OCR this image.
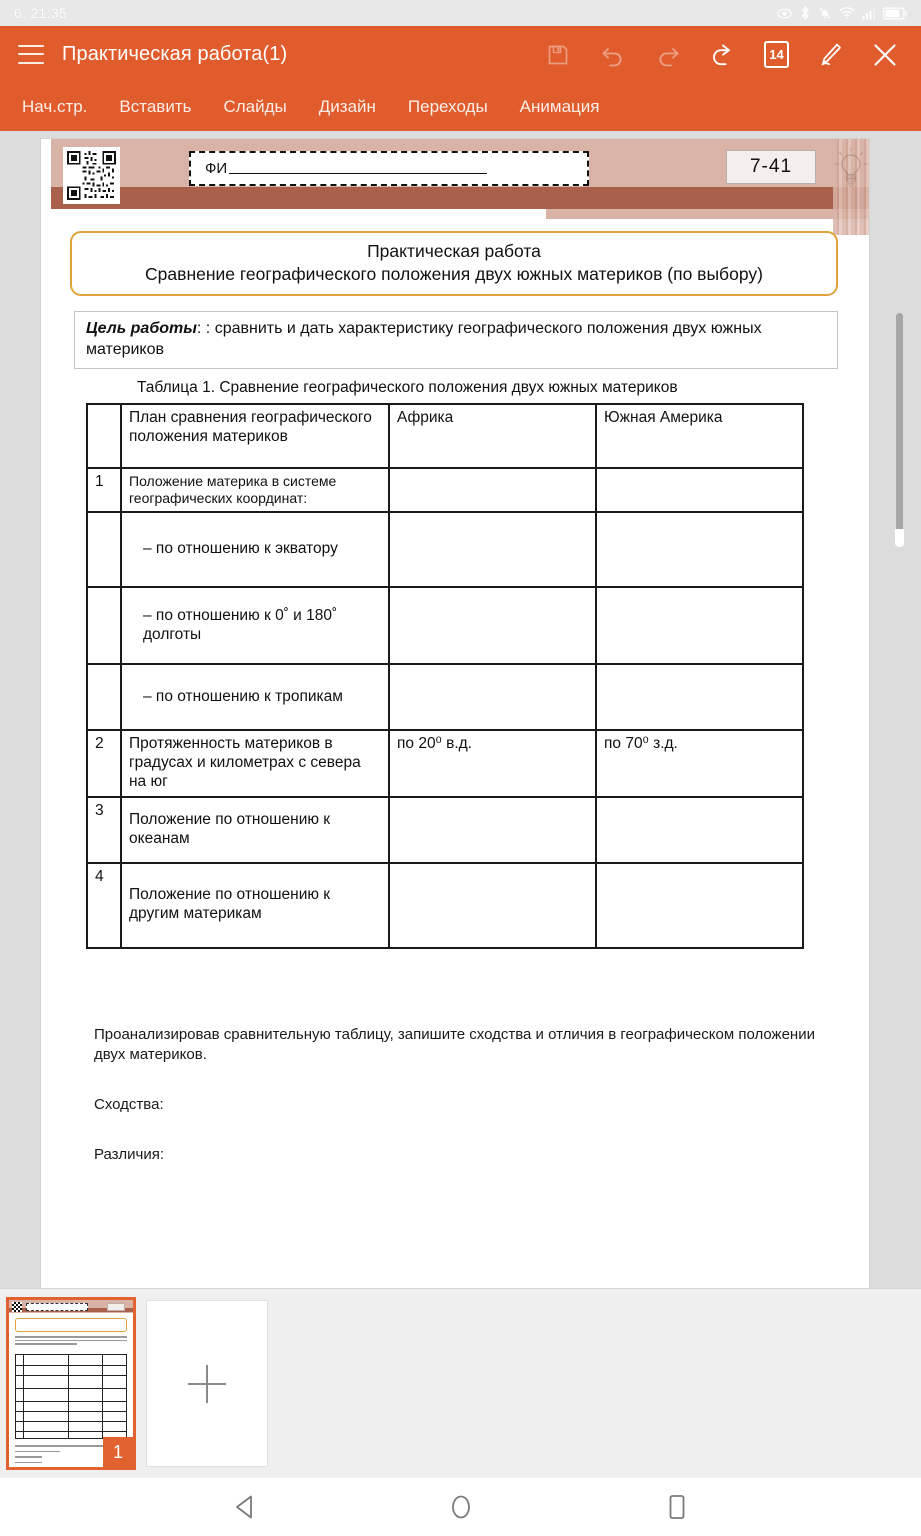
6. 21:35
Практическая работа(1)	14
Нач.стр.	Вставить	Слайды	Дизайн	Переходы	Анимация
ФИ	7-41
Практическая работа
Сравнение географического положения двух южных материков (по выбору)
Цель работы: : сравнить и дать характеристику географического положения двух южных материков
Таблица 1. Сравнение географического положения двух южных материков
	План сравнения географического положения материков	Африка	Южная Америка
1	Положение материка в системе географических координат:		

	– по отношению к экватору		

	– по отношению к 0˚ и 180˚ долготы		

	– по отношению к тропикам		

2	Протяженность материков в градусах и километрах с севера на юг	по 20⁰ в.д.	по 70⁰ з.д.
3	Положение по отношению к океанам		
4	Положение по отношению к другим материкам		

Проанализировав сравнительную таблицу, запишите сходства и отличия в географическом положении двух материков.

Сходства:

Различия:

1
